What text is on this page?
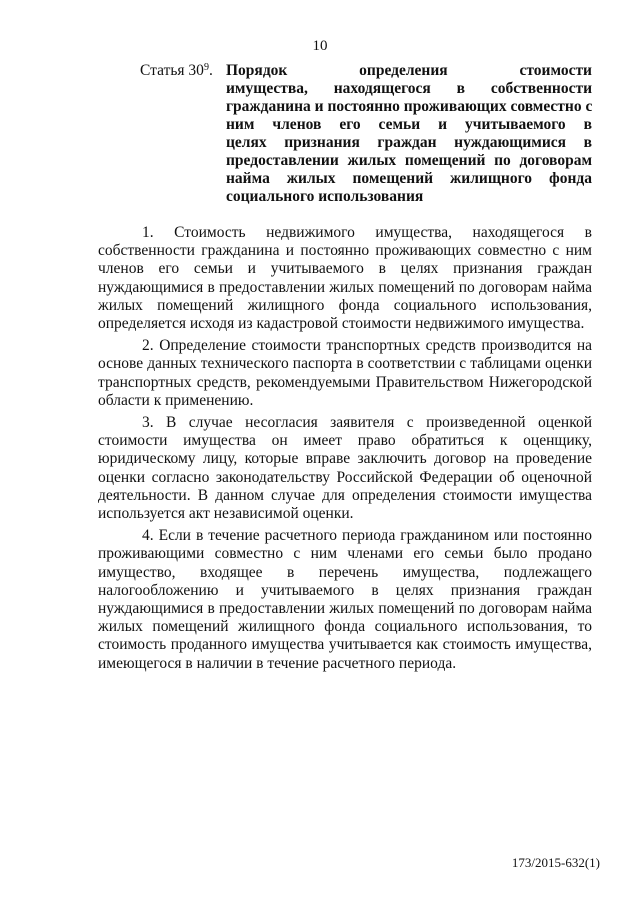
10
Статья $30^9$. Порядок определения стоимости
имущества, находящегося в собственности
гражданина и постоянно проживающих совместно с
ним членов его семьи и учитываемого в
целях признания граждан нуждающимися в
предоставлении жилых помещений по договорам
найма жилых помещений жилищного фонда
социального использования
1. Стоимость недвижимого имущества, находящегося в
собственности гражданина и постоянно проживающих совместно с ним
членов его семьи и учитываемого в целях признания граждан
нуждающимися в предоставлении жилых помещений по договорам найма
жилых помещений жилищного фонда социального использования,
определяется исходя из кадастровой стоимости недвижимого имущества.
2. Определение стоимости транспортных средств производится на
основе данных технического паспорта в соответствии с таблицами оценки
транспортных средств, рекомендуемыми Правительством Нижегородской
области к применению.
3. В случае несогласия заявителя с произведенной оценкой
стоимости имущества он имеет право обратиться к оценщику,
юридическому лицу, которые вправе заключить договор на проведение
оценки согласно законодательству Российской Федерации об оценочной
деятельности. В данном случае для определения стоимости имущества
используется акт независимой оценки.
4. Если в течение расчетного периода гражданином или постоянно
проживающими совместно с ним членами его семьи было продано
имущество, входящее в перечень имущества, подлежащего
налогообложению и учитываемого в целях признания граждан
нуждающимися в предоставлении жилых помещений по договорам найма
жилых помещений жилищного фонда социального использования, то
стоимость проданного имущества учитывается как стоимость имущества,
имеющегося в наличии в течение расчетного периода.
173/2015-632(1)
